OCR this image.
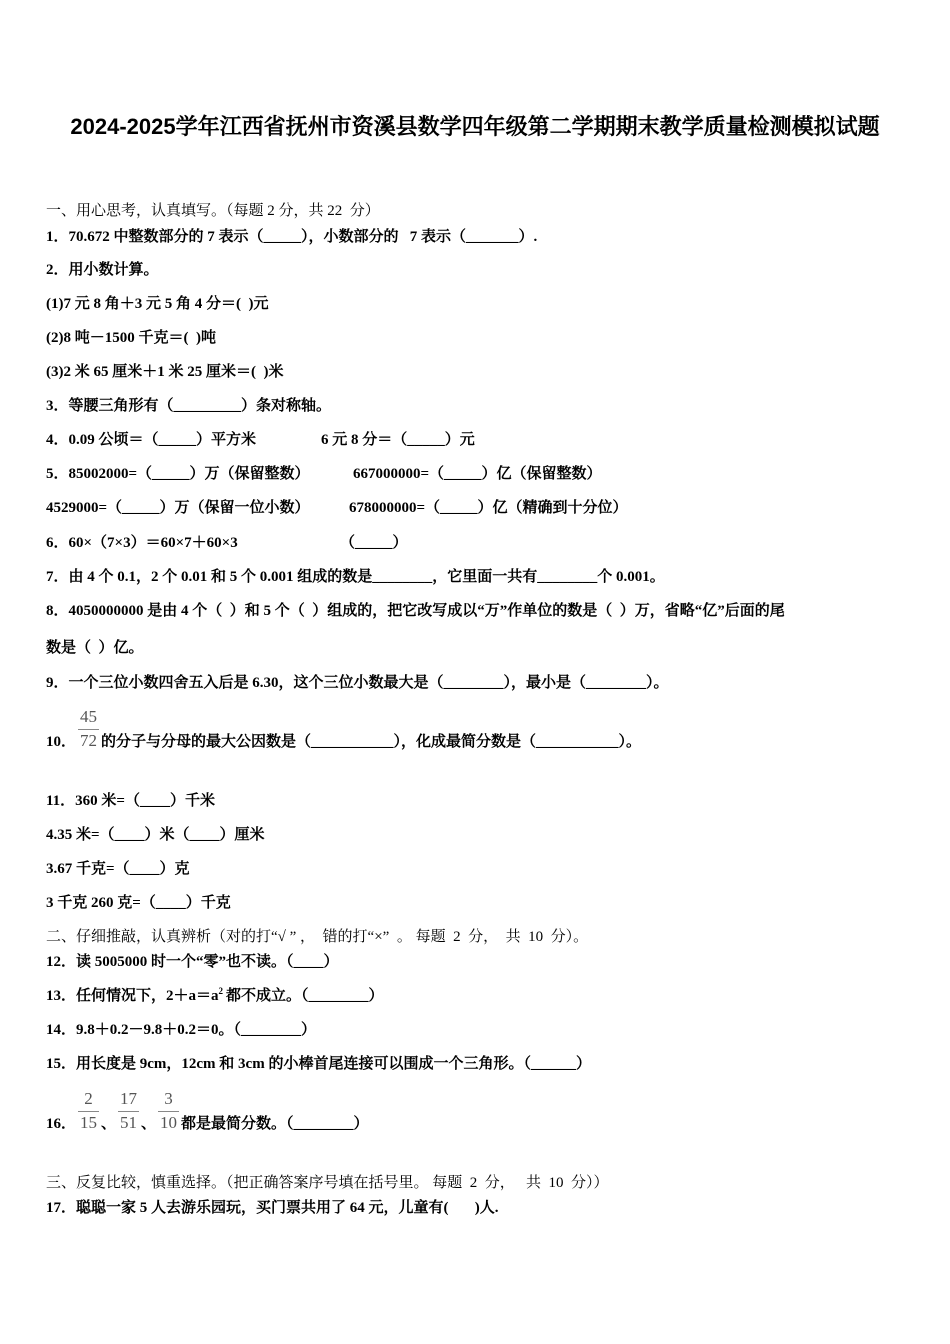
2024-2025学年江西省抚州市资溪县数学四年级第二学期期末教学质量检测模拟试题
一、用心思考，认真填写。（每题 2 分，共 22  分）
1．70.672 中整数部分的 7 表示（_____），小数部分的   7 表示（_______）.
2．用小数计算。
(1)7 元 8 角＋3 元 5 角 4 分＝(  )元
(2)8 吨－1500 千克＝(  )吨
(3)2 米 65 厘米＋1 米 25 厘米＝(  )米
3．等腰三角形有（_________）条对称轴。
4．0.09 公顷＝（_____）平方米	6 元 8 分＝（_____）元
5．85002000=（_____）万（保留整数）	667000000=（_____）亿（保留整数）
4529000=（_____）万（保留一位小数）	678000000=（_____）亿（精确到十分位）
6．60×（7×3）＝60×7＋60×3	（_____）
7．由 4 个 0.1，2 个 0.01 和 5 个 0.001 组成的数是________，它里面一共有________个 0.001。
8．4050000000 是由 4 个（  ）和 5 个（  ）组成的，把它改写成以“万”作单位的数是（  ）万，省略“亿”后面的尾
数是（  ）亿。
9．一个三位小数四舍五入后是 6.30，这个三位小数最大是（________），最小是（________）。
10． $\frac{45}{72}$ 的分子与分母的最大公因数是（___________），化成最简分数是（___________）。
11．360 米=（____）千米
4.35 米=（____）米（____）厘米
3.67 千克=（____）克
3 千克 260 克=（____）千克
二、仔细推敲，认真辨析（对的打“√ ” ，  错的打“×”  。 每题  2  分，  共  10  分）。
12．读 5005000 时一个“零”也不读。（____）
13．任何情况下，$2+a=a^2$ 都不成立。（________）
14．9.8＋0.2－9.8＋0.2＝0。（________）
15．用长度是 9cm，12cm 和 3cm 的小棒首尾连接可以围成一个三角形。（______）
16． $\frac{2}{15}$ 、 $\frac{17}{51}$ 、 $\frac{3}{10}$ 都是最简分数。（________）
三、反复比较，慎重选择。（把正确答案序号填在括号里。 每题  2  分，   共  10  分））
17．聪聪一家 5 人去游乐园玩，买门票共用了 64 元，儿童有(       )人.
